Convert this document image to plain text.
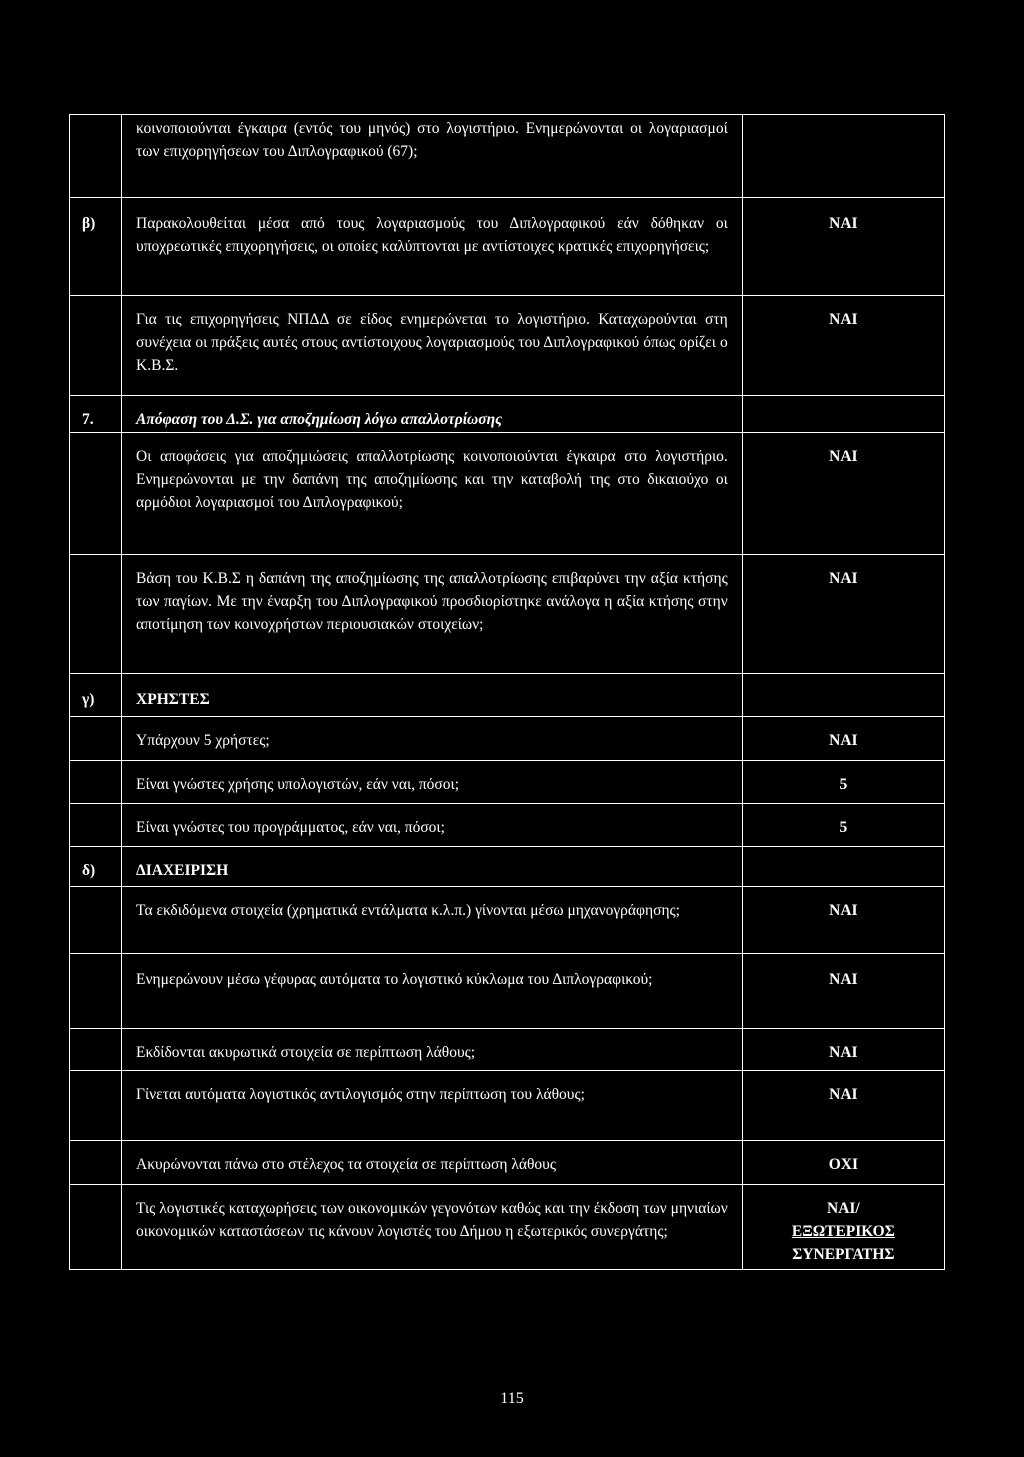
	κοινοποιούνται έγκαιρα (εντός του μηνός) στο λογιστήριο. Ενημερώνονται οι λογαριασμοί των επιχορηγήσεων του Διπλογραφικού (67);	

β)	Παρακολουθείται μέσα από τους λογαριασμούς του Διπλογραφικού εάν δόθηκαν οι υποχρεωτικές επιχορηγήσεις, οι οποίες καλύπτονται με αντίστοιχες κρατικές επιχορηγήσεις;	ΝΑΙ

	Για τις επιχορηγήσεις ΝΠΔΔ σε είδος ενημερώνεται το λογιστήριο. Καταχωρούνται στη συνέχεια οι πράξεις αυτές στους αντίστοιχους λογαριασμούς του Διπλογραφικού όπως ορίζει ο Κ.Β.Σ.	ΝΑΙ

7.	Απόφαση του Δ.Σ. για αποζημίωση λόγω απαλλοτρίωσης	

	Οι αποφάσεις για αποζημιώσεις απαλλοτρίωσης κοινοποιούνται έγκαιρα στο λογιστήριο. Ενημερώνονται με την δαπάνη της αποζημίωσης και την καταβολή της στο δικαιούχο οι αρμόδιοι λογαριασμοί του Διπλογραφικού;	ΝΑΙ

	Βάση του Κ.Β.Σ η δαπάνη της αποζημίωσης της απαλλοτρίωσης επιβαρύνει την αξία κτήσης των παγίων. Με την έναρξη του Διπλογραφικού προσδιορίστηκε ανάλογα η αξία κτήσης στην αποτίμηση των κοινοχρήστων περιουσιακών στοιχείων;	ΝΑΙ

γ)	ΧΡΗΣΤΕΣ	

	Υπάρχουν 5 χρήστες;	ΝΑΙ

	Είναι γνώστες χρήσης υπολογιστών, εάν ναι, πόσοι;	5

	Είναι γνώστες του προγράμματος, εάν ναι, πόσοι;	5

δ)	ΔΙΑΧΕΙΡΙΣΗ	

	Τα εκδιδόμενα στοιχεία (χρηματικά εντάλματα κ.λ.π.) γίνονται μέσω μηχανογράφησης;	ΝΑΙ

	Ενημερώνουν μέσω γέφυρας αυτόματα το λογιστικό κύκλωμα του Διπλογραφικού;	ΝΑΙ

	Εκδίδονται ακυρωτικά στοιχεία σε περίπτωση λάθους;	ΝΑΙ

	Γίνεται αυτόματα λογιστικός αντιλογισμός στην περίπτωση του λάθους;	ΝΑΙ

	Ακυρώνονται πάνω στο στέλεχος τα στοιχεία σε περίπτωση λάθους	ΟΧΙ

	Τις λογιστικές καταχωρήσεις των οικονομικών γεγονότων καθώς και την έκδοση των μηνιαίων οικονομικών καταστάσεων τις κάνουν λογιστές του Δήμου η εξωτερικός συνεργάτης;	ΝΑΙ/
ΕΞΩΤΕΡΙΚΟΣ
ΣΥΝΕΡΓΑΤΗΣ
115
